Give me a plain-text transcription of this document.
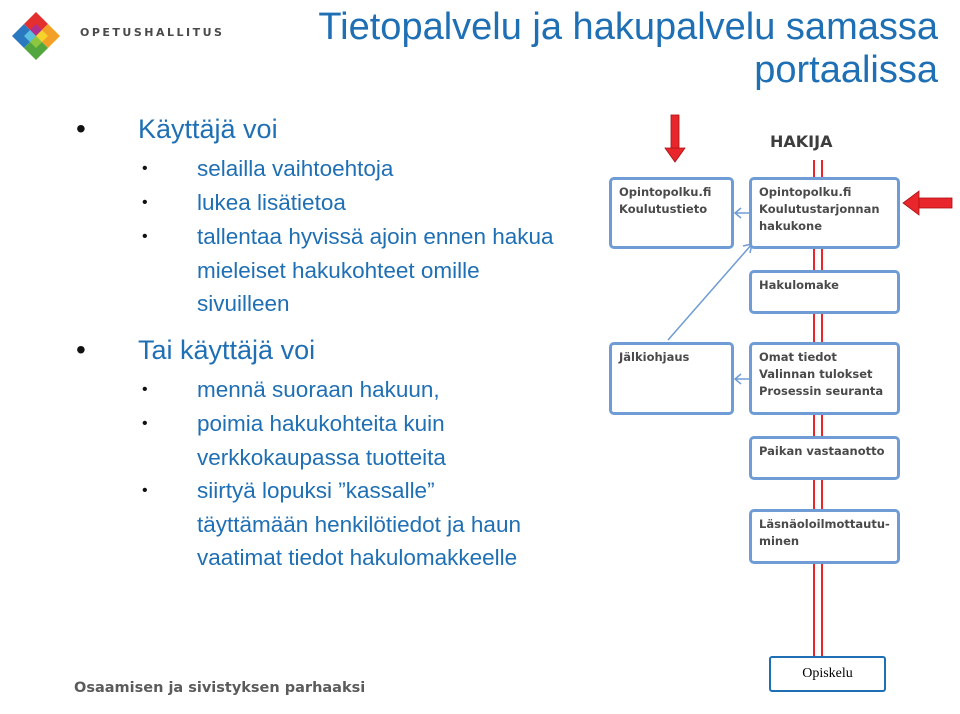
OPETUSHALLITUS	Tietopalvelu ja hakupalvelu samassa portaalissa
• Käyttäjä voi
• selailla vaihtoehtoja
• lukea lisätietoa
• tallentaa hyvissä ajoin ennen hakua mieleiset hakukohteet omille sivuilleen
• Tai käyttäjä voi
• mennä suoraan hakuun,
• poimia hakukohteita kuin verkkokaupassa tuotteita
• siirtyä lopuksi ”kassalle” täyttämään henkilötiedot ja haun vaatimat tiedot hakulomakkeelle
HAKIJA
Opintopolku.fi
Koulutustieto
Jälkiohjaus
Opintopolku.fi
Koulutustarjonnan
hakukone
Hakulomake
Omat tiedot
Valinnan tulokset
Prosessin seuranta
Paikan vastaanotto
Läsnäoloilmottautu-
minen
Opiskelu
Osaamisen ja sivistyksen parhaaksi
